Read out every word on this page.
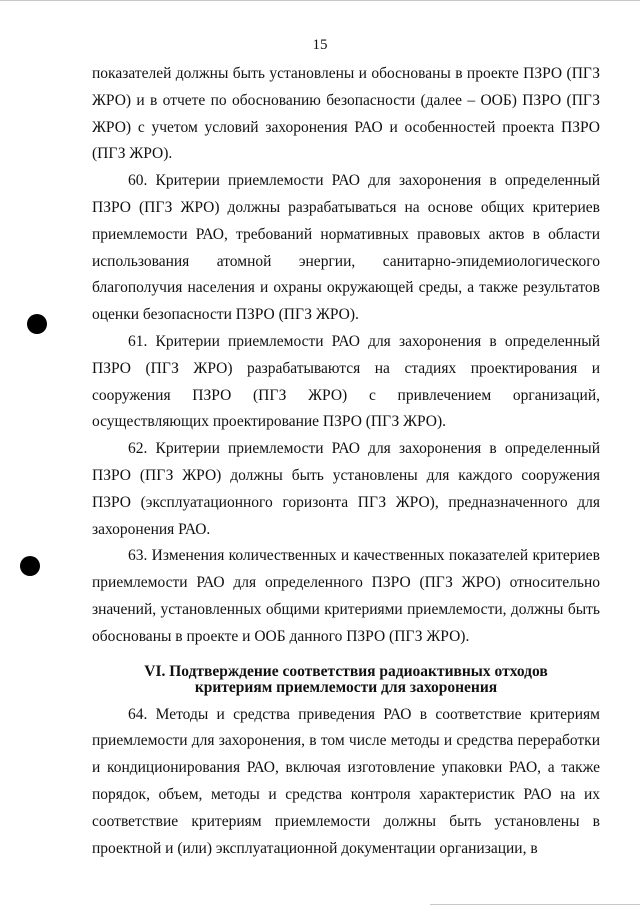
15

показателей должны быть установлены и обоснованы в проекте ПЗРО (ПГЗ ЖРО) и в отчете по обоснованию безопасности (далее – ООБ) ПЗРО (ПГЗ ЖРО) с учетом условий захоронения РАО и особенностей проекта ПЗРО (ПГЗ ЖРО).

60. Критерии приемлемости РАО для захоронения в определенный ПЗРО (ПГЗ ЖРО) должны разрабатываться на основе общих критериев приемлемости РАО, требований нормативных правовых актов в области использования атомной энергии, санитарно-эпидемиологического благополучия населения и охраны окружающей среды, а также результатов оценки безопасности ПЗРО (ПГЗ ЖРО).

61. Критерии приемлемости РАО для захоронения в определенный ПЗРО (ПГЗ ЖРО) разрабатываются на стадиях проектирования и сооружения ПЗРО (ПГЗ ЖРО) с привлечением организаций, осуществляющих проектирование ПЗРО (ПГЗ ЖРО).

62. Критерии приемлемости РАО для захоронения в определенный ПЗРО (ПГЗ ЖРО) должны быть установлены для каждого сооружения ПЗРО (эксплуатационного горизонта ПГЗ ЖРО), предназначенного для захоронения РАО.

63. Изменения количественных и качественных показателей критериев приемлемости РАО для определенного ПЗРО (ПГЗ ЖРО) относительно значений, установленных общими критериями приемлемости, должны быть обоснованы в проекте и ООБ данного ПЗРО (ПГЗ ЖРО).

VI. Подтверждение соответствия радиоактивных отходов
критериям приемлемости для захоронения

64. Методы и средства приведения РАО в соответствие критериям приемлемости для захоронения, в том числе методы и средства переработки и кондиционирования РАО, включая изготовление упаковки РАО, а также порядок, объем, методы и средства контроля характеристик РАО на их соответствие критериям приемлемости должны быть установлены в проектной и (или) эксплуатационной документации организации, в
